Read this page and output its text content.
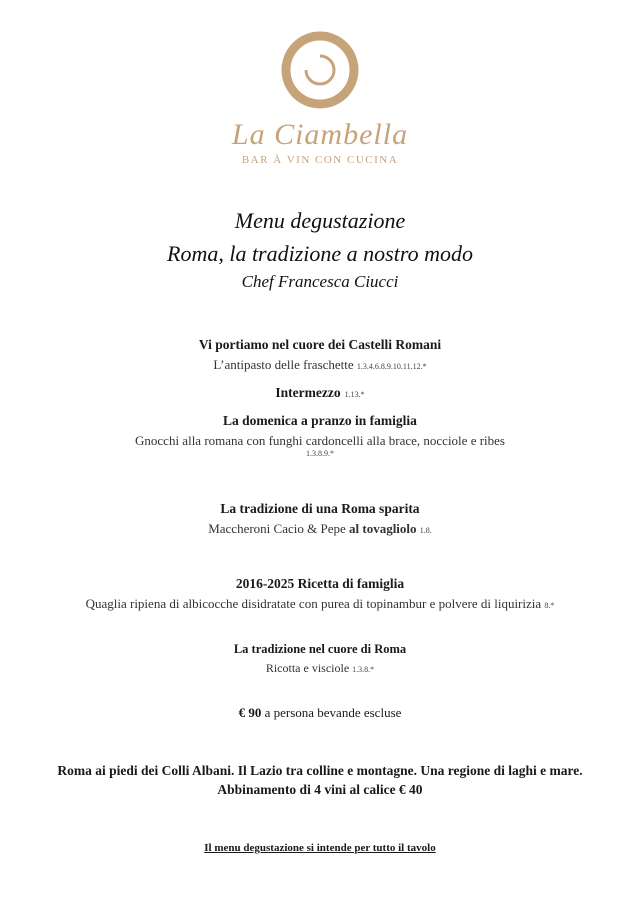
La Ciambella
BAR À VIN CON CUCINA
Menu degustazione
Roma, la tradizione a nostro modo
Chef Francesca Ciucci
Vi portiamo nel cuore dei Castelli Romani
L’antipasto delle fraschette 1.3.4.6.8.9.10.11.12.*
Intermezzo 1.13.*
La domenica a pranzo in famiglia
Gnocchi alla romana con funghi cardoncelli alla brace, nocciole e ribes
1.3.8.9.*
La tradizione di una Roma sparita
Maccheroni Cacio & Pepe al tovagliolo 1.8.
2016-2025 Ricetta di famiglia
Quaglia ripiena di albicocche disidratate con purea di topinambur e polvere di liquirizia 8.*
La tradizione nel cuore di Roma
Ricotta e visciole 1.3.8.*
€ 90 a persona bevande escluse
Roma ai piedi dei Colli Albani. Il Lazio tra colline e montagne. Una regione di laghi e mare.
Abbinamento di 4 vini al calice € 40
Il menu degustazione si intende per tutto il tavolo
